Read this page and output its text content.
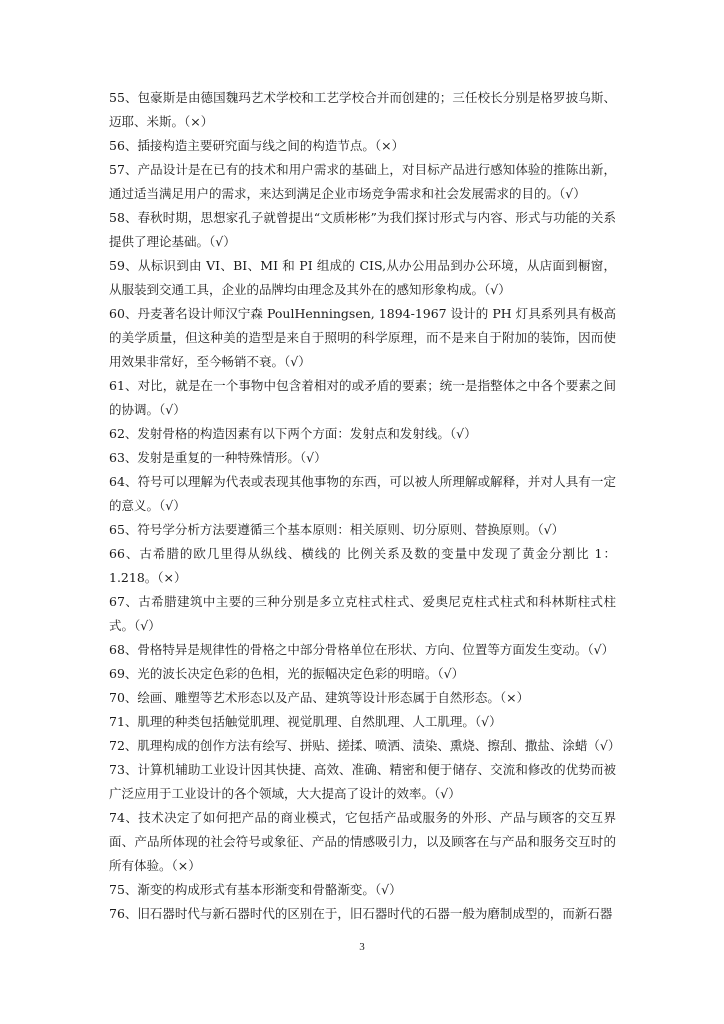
55、包豪斯是由德国魏玛艺术学校和工艺学校合并而创建的；三任校长分别是格罗披乌斯、迈耶、米斯。（×）

56、插接构造主要研究面与线之间的构造节点。（×）

57、产品设计是在已有的技术和用户需求的基础上，对目标产品进行感知体验的推陈出新，通过适当满足用户的需求，来达到满足企业市场竞争需求和社会发展需求的目的。（√）

58、春秋时期，思想家孔子就曾提出“文质彬彬”为我们探讨形式与内容、形式与功能的关系提供了理论基础。（√）

59、从标识到由 VI、BI、MI 和 PI 组成的 CIS,从办公用品到办公环境，从店面到橱窗，从服装到交通工具，企业的品牌均由理念及其外在的感知形象构成。（√）

60、丹麦著名设计师汉宁森 PoulHenningsen, 1894-1967 设计的 PH 灯具系列具有极高的美学质量，但这种美的造型是来自于照明的科学原理，而不是来自于附加的装饰，因而使用效果非常好，至今畅销不衰。（√）

61、对比，就是在一个事物中包含着相对的或矛盾的要素；统一是指整体之中各个要素之间的协调。（√）

62、发射骨格的构造因素有以下两个方面：发射点和发射线。（√）

63、发射是重复的一种特殊情形。（√）

64、符号可以理解为代表或表现其他事物的东西，可以被人所理解或解释，并对人具有一定的意义。（√）

65、符号学分析方法要遵循三个基本原则：相关原则、切分原则、替换原则。（√）

66、古希腊的欧几里得从纵线、横线的 比例关系及数的变量中发现了黄金分割比 1：1.218。（×）

67、古希腊建筑中主要的三种分别是多立克柱式柱式、爱奥尼克柱式柱式和科林斯柱式柱式。（√）

68、骨格特异是规律性的骨格之中部分骨格单位在形状、方向、位置等方面发生变动。（√）

69、光的波长决定色彩的色相，光的振幅决定色彩的明暗。（√）

70、绘画、雕塑等艺术形态以及产品、建筑等设计形态属于自然形态。（×）

71、肌理的种类包括触觉肌理、视觉肌理、自然肌理、人工肌理。（√）

72、肌理构成的创作方法有绘写、拼贴、搓揉、喷洒、渍染、熏烧、擦刮、撒盐、涂蜡（√）

73、计算机辅助工业设计因其快捷、高效、准确、精密和便于储存、交流和修改的优势而被广泛应用于工业设计的各个领域，大大提高了设计的效率。（√）

74、技术决定了如何把产品的商业模式，它包括产品或服务的外形、产品与顾客的交互界面、产品所体现的社会符号或象征、产品的情感吸引力，以及顾客在与产品和服务交互时的所有体验。（×）

75、渐变的构成形式有基本形渐变和骨骼渐变。（√）

76、旧石器时代与新石器时代的区别在于，旧石器时代的石器一般为磨制成型的，而新石器

3
